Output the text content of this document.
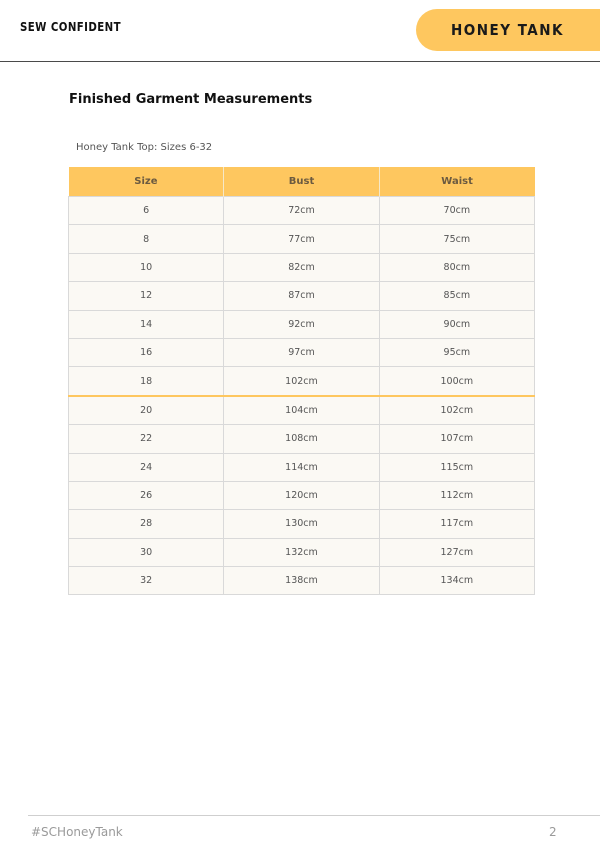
SEW CONFIDENT	HONEY TANK
Finished Garment Measurements
Honey Tank Top: Sizes 6-32
Size	Bust	Waist
6	72cm	70cm
8	77cm	75cm
10	82cm	80cm
12	87cm	85cm
14	92cm	90cm
16	97cm	95cm
18	102cm	100cm
20	104cm	102cm
22	108cm	107cm
24	114cm	115cm
26	120cm	112cm
28	130cm	117cm
30	132cm	127cm
32	138cm	134cm
#SCHoneyTank	2
